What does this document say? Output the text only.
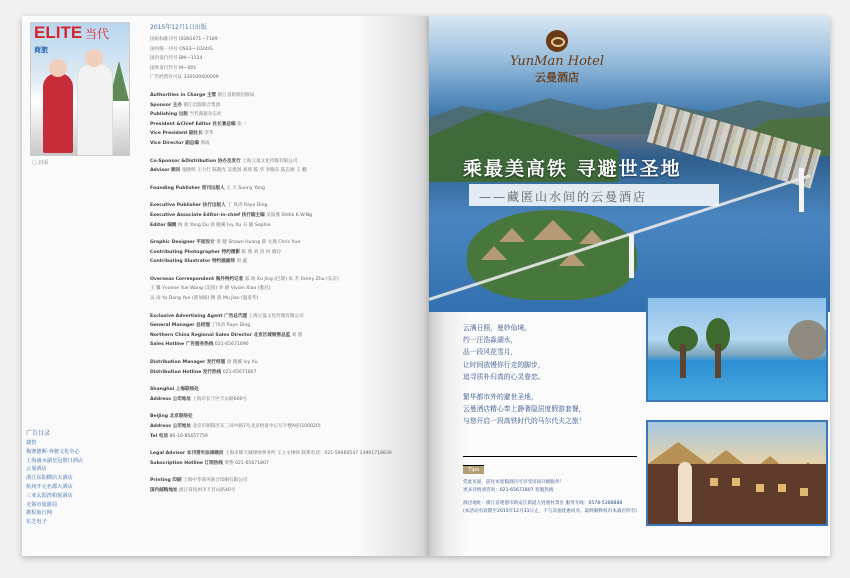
ELITE 当代
商旅
▢ 封面
2015年12月1日出版
国际标准刊号 ISSN1671—7189
国内统一刊号 CN33—1024/G
国内发行代号 BM—1124
国外发行代号 M—001
广告经营许可证 330100400009
Authorities in Charge 主管 浙江省新闻出版局
Sponsor 主办 浙江出版联合集团
Publishing 出版 当代商旅杂志社
President &Chief Editor 社长兼总编 张一
Vice President 副社长 李华
Vice Director 副总编 周成
Co-Sponsor &Distribution 协办及发行 上海云曼文化传媒有限公司
Advisor 顾问 张晓明 王力行 陈晓光 吴建国 刘琦 陈 华 李晓东 陆志刚 王 鹏
Founding Publisher 创刊出版人 王 天 Sunny Yang
Executive Publisher 执行出版人 丁 风涛 Raye Ding
Executive Associate Editor-in-chief 执行副主编 吴雨燕 Stella K.W.Ng
Editor 编辑 杨 欢 Yang Qu 徐 晓溪 Ivy Xu 石 颖 Sophie
Graphic Designer 平面设计 黄 健 Shawn Huang 薛 文燕 Chris Xue
Contributing Photographer 特约摄影 陈 燕 刘 涛 何 晓玲
Contributing Illustrator 特约插画师 周 鑫
Overseas Correspondent 海外特约记者 郑 靖 Xu Jing (巴黎) 朱 芳 Fanny Zhu (东京)
王 馨 Yvonne Yue Wang (美国) 李 晓 Vivian Xiao (悉尼)
吴 雨 Yu Dong Yun (新加坡) 穆 晨 Mu Jian (温哥华)
Exclusive Advertising Agent 广告总代理 上海云曼文化传媒有限公司
General Manager 总经理 丁风涛 Raye Ding
Northern China Regional Sales Director 北京区域销售总监 刘 蕾
Sales Hotline 广告服务热线 021-65671690
Distribution Manager 发行经理 徐 晓溪 Ivy Xu
Distribution Hotline 发行热线 021-65671807
Shanghai 上海联络处
Address 公司地址 上海市长宁区天山路600号
BeiJing 北京联络处
Address 公司地址 北京市朝阳区东三环中路7号北京财富中心写字楼A座(100020)
Tel 电话 86-10-85657759
Legal Advisor 本刊常年法律顾问 上海市锦天城律师事务所 王立文律师 联系电话：021-59460547 13901718839
Subscription Hotline 订阅热线 零售 021-65671807
Printing 印刷 上海中华商务联合印刷有限公司
国内邮购地址 浙江省杭州市天目山路40号
广告目录
捷豹
梅赛德斯-奔驰文化中心
上海滴水湖皇冠假日酒店
云曼酒店
浙江东阳横店大酒店
杭州开元名都大酒店
三亚太阳湾柏悦酒店
无锡市旅游局
携程旅行网
东芝电子
YunMan Hotel
云曼酒店
乘最美高铁 寻避世圣地
——藏匿山水间的云曼酒店
云满日照，曼妙仙境。
约一汪浩淼湖水，
品一段风花雪月，
让时间放慢你行走的脚步，
追寻质朴归真的心灵眷恋。
繁华都市外的避世圣地，
云曼酒店精心奉上静奢隐居度假游套餐，
与您开启一段高铁时代的马尔代夫之旅！
Tips
凭此页面，前往本度假酒店可享受房间升级服务！
更多详情请咨询：021-65671807 客服热线
酒店地址：浙江省建德市新安江街道九姓渔村景区 服务专线：0578-5388888
(本活动有效期至2015年12月31日止，不与其他优惠同享，最终解释权归本酒店所有)
